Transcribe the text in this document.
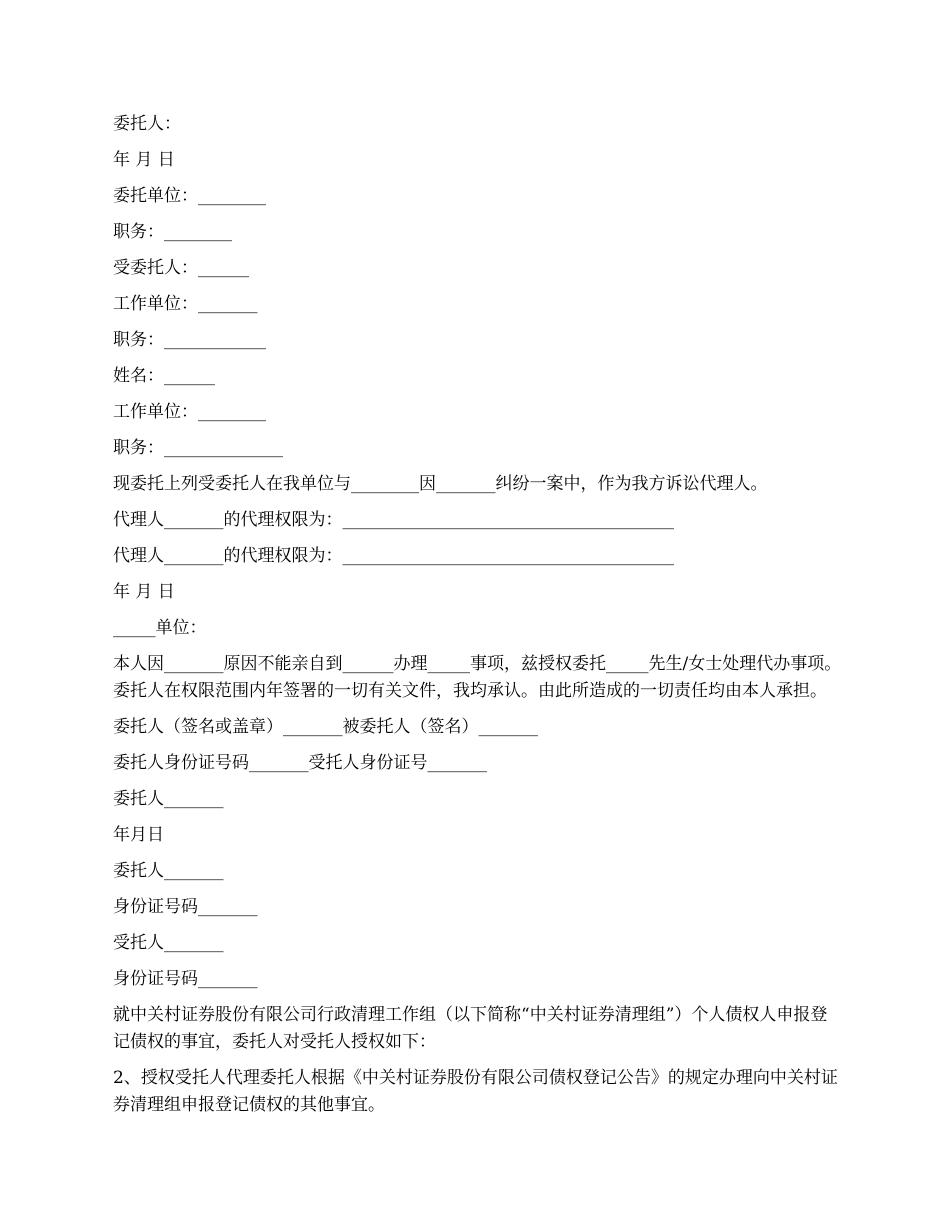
委托人：
年 月 日
委托单位：________
职务：________
受委托人：______
工作单位：_______
职务：____________
姓名：______
工作单位：________
职务：______________
现委托上列受委托人在我单位与________因_______纠纷一案中，作为我方诉讼代理人。
代理人_______的代理权限为：_______________________________________
代理人_______的代理权限为：_______________________________________
年 月 日
_____单位：
本人因_______原因不能亲自到______办理_____事项，兹授权委托_____先生/女士处理代办事项。委托人在权限范围内年签署的一切有关文件，我均承认。由此所造成的一切责任均由本人承担。
委托人（签名或盖章）_______被委托人（签名）_______
委托人身份证号码_______受托人身份证号_______
委托人_______
年月日
委托人_______
身份证号码_______
受托人_______
身份证号码_______
就中关村证券股份有限公司行政清理工作组（以下简称“中关村证券清理组”）个人债权人申报登记债权的事宜，委托人对受托人授权如下：
2、授权受托人代理委托人根据《中关村证券股份有限公司债权登记公告》的规定办理向中关村证券清理组申报登记债权的其他事宜。
